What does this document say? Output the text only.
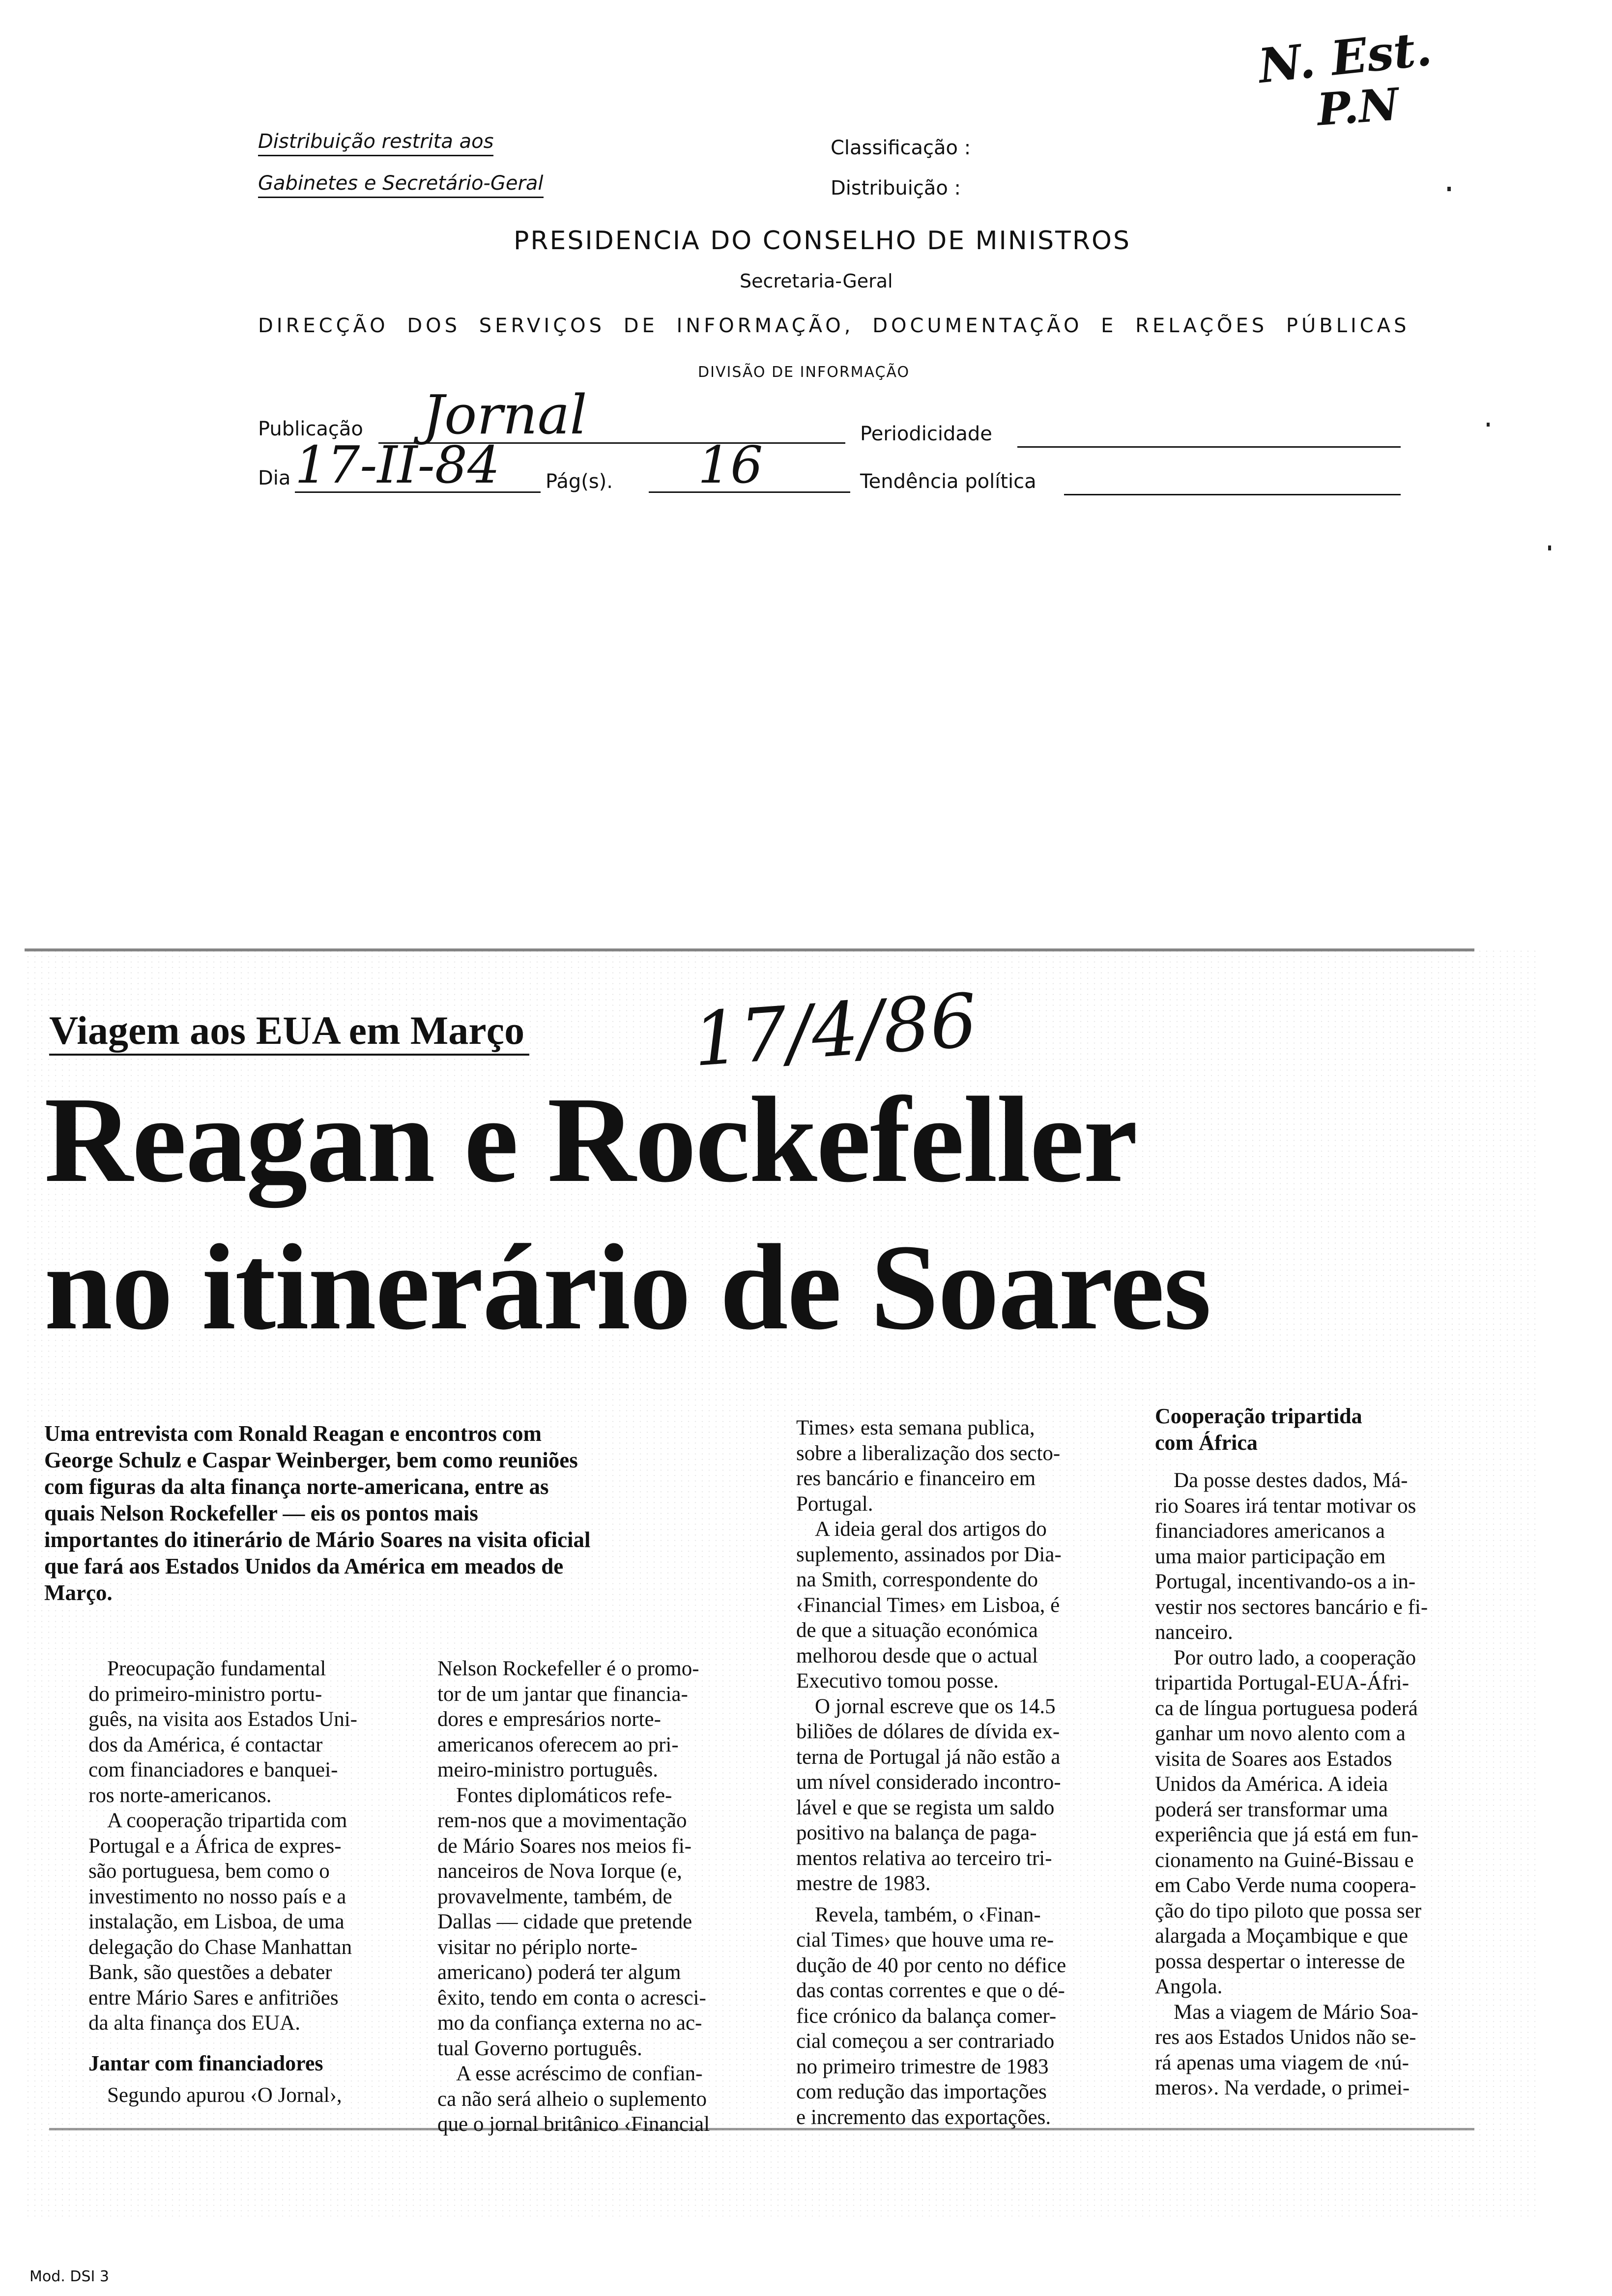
N. Est.
P.N
Distribuição restrita aos
Gabinetes e Secretário-Geral
Classificação :
Distribuição :
PRESIDENCIA DO CONSELHO DE MINISTROS
Secretaria-Geral
DIRECÇÃO DOS SERVIÇOS DE INFORMAÇÃO, DOCUMENTAÇÃO E RELAÇÕES PÚBLICAS
DIVISÃO DE INFORMAÇÃO
Publicação Jornal	Periodicidade
Dia 17-II-84 Pág(s). 16	Tendência política
Viagem aos EUA em Março 17/4/86
Reagan e Rockefeller
no itinerário de Soares
Uma entrevista com Ronald Reagan e encontros com
George Schulz e Caspar Weinberger, bem como reuniões
com figuras da alta finança norte-americana, entre as
quais Nelson Rockefeller — eis os pontos mais
importantes do itinerário de Mário Soares na visita oficial
que fará aos Estados Unidos da América em meados de
Março.
Preocupação fundamental
do primeiro-ministro portu-
guês, na visita aos Estados Uni-
dos da América, é contactar
com financiadores e banquei-
ros norte-americanos.
A cooperação tripartida com
Portugal e a África de expres-
são portuguesa, bem como o
investimento no nosso país e a
instalação, em Lisboa, de uma
delegação do Chase Manhattan
Bank, são questões a debater
entre Mário Sares e anfitriões
da alta finança dos EUA.
Jantar com financiadores
Segundo apurou ‹O Jornal›,
Nelson Rockefeller é o promo-
tor de um jantar que financia-
dores e empresários norte-
americanos oferecem ao pri-
meiro-ministro português.
Fontes diplomáticos refe-
rem-nos que a movimentação
de Mário Soares nos meios fi-
nanceiros de Nova Iorque (e,
provavelmente, também, de
Dallas — cidade que pretende
visitar no périplo norte-
americano) poderá ter algum
êxito, tendo em conta o acresci-
mo da confiança externa no ac-
tual Governo português.
A esse acréscimo de confian-
ca não será alheio o suplemento
que o jornal britânico ‹Financial
Times› esta semana publica,
sobre a liberalização dos secto-
res bancário e financeiro em
Portugal.
A ideia geral dos artigos do
suplemento, assinados por Dia-
na Smith, correspondente do
‹Financial Times› em Lisboa, é
de que a situação económica
melhorou desde que o actual
Executivo tomou posse.
O jornal escreve que os 14.5
biliões de dólares de dívida ex-
terna de Portugal já não estão a
um nível considerado incontro-
lável e que se regista um saldo
positivo na balança de paga-
mentos relativa ao terceiro tri-
mestre de 1983.
Revela, também, o ‹Finan-
cial Times› que houve uma re-
dução de 40 por cento no défice
das contas correntes e que o dé-
fice crónico da balança comer-
cial começou a ser contrariado
no primeiro trimestre de 1983
com redução das importações
e incremento das exportações.
Cooperação tripartida
com África
Da posse destes dados, Má-
rio Soares irá tentar motivar os
financiadores americanos a
uma maior participação em
Portugal, incentivando-os a in-
vestir nos sectores bancário e fi-
nanceiro.
Por outro lado, a cooperação
tripartida Portugal-EUA-Áfri-
ca de língua portuguesa poderá
ganhar um novo alento com a
visita de Soares aos Estados
Unidos da América. A ideia
poderá ser transformar uma
experiência que já está em fun-
cionamento na Guiné-Bissau e
em Cabo Verde numa coopera-
ção do tipo piloto que possa ser
alargada a Moçambique e que
possa despertar o interesse de
Angola.
Mas a viagem de Mário Soa-
res aos Estados Unidos não se-
rá apenas uma viagem de ‹nú-
meros›. Na verdade, o primei-
Mod. DSI 3
